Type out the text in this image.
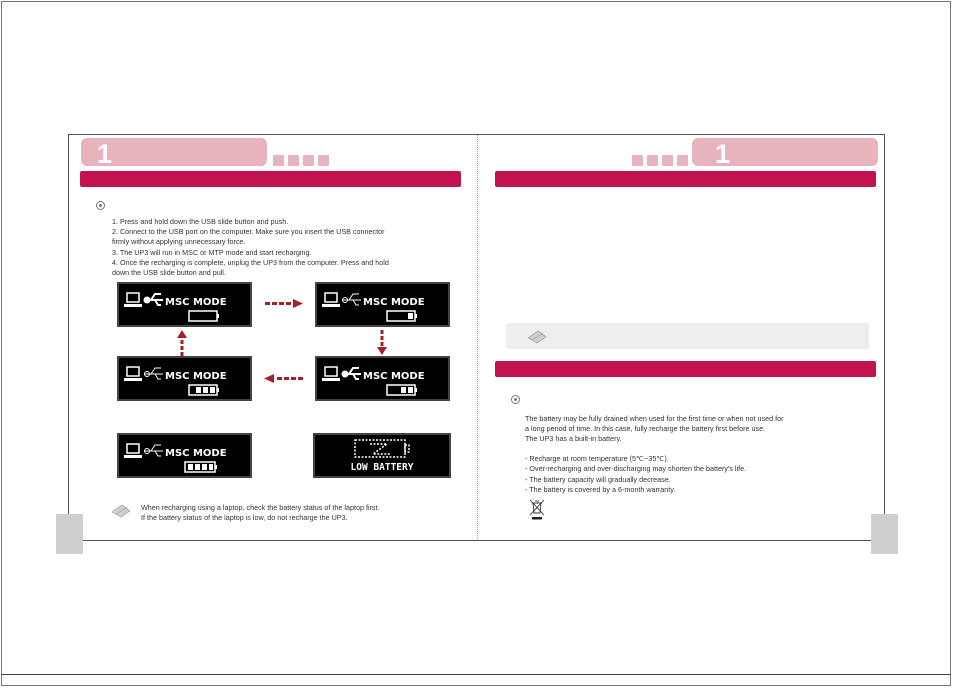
1
1. Press and hold down the USB slide button and push.
2. Connect to the USB port on the computer. Make sure you insert the USB connector
firmly without applying unnecessary force.
3. The UP3 will run in MSC or MTP mode and start recharging.
4. Once the recharging is complete, unplug the UP3 from the computer. Press and hold
down the USB slide button and pull.
MSC MODE	MSC MODE
MSC MODE	MSC MODE
MSC MODE
LOW BATTERY
When recharging using a laptop, check the battery status of the laptop first.
If the battery status of the laptop is low, do not recharge the UP3.
1
The battery may be fully drained when used for the first time or when not used for
a long period of time. In this case, fully recharge the battery first before use.
The UP3 has a built-in battery.
- Recharge at room temperature (5℃~35℃).
- Over-recharging and over-discharging may shorten the battery's life.
- The battery capacity will gradually decrease.
- The battery is covered by a 6-month warranty.
